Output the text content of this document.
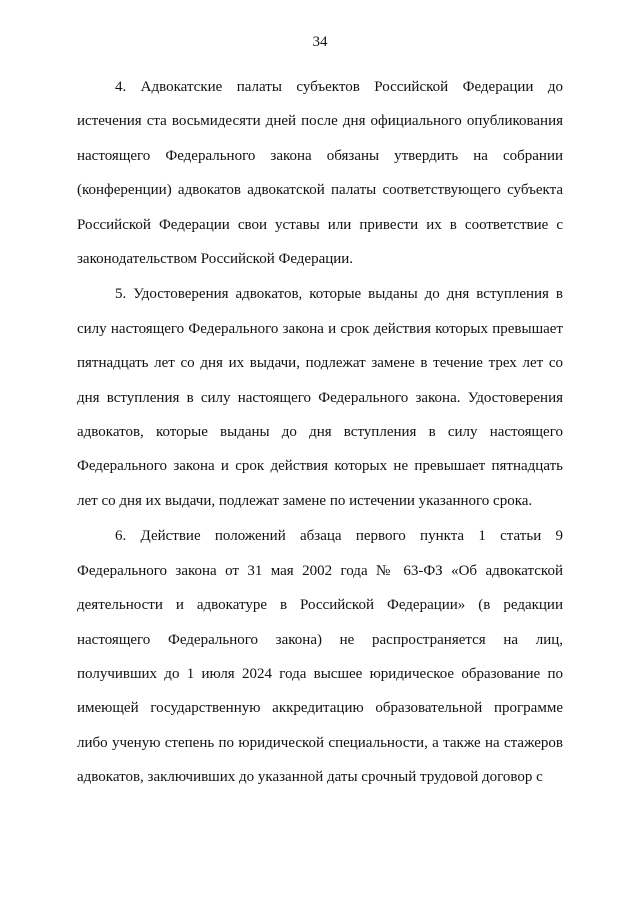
34

4. Адвокатские палаты субъектов Российской Федерации до истечения ста восьмидесяти дней после дня официального опубликования настоящего Федерального закона обязаны утвердить на собрании (конференции) адвокатов адвокатской палаты соответствующего субъекта Российской Федерации свои уставы или привести их в соответствие с законодательством Российской Федерации.

5. Удостоверения адвокатов, которые выданы до дня вступления в силу настоящего Федерального закона и срок действия которых превышает пятнадцать лет со дня их выдачи, подлежат замене в течение трех лет со дня вступления в силу настоящего Федерального закона. Удостоверения адвокатов, которые выданы до дня вступления в силу настоящего Федерального закона и срок действия которых не превышает пятнадцать лет со дня их выдачи, подлежат замене по истечении указанного срока.

6. Действие положений абзаца первого пункта 1 статьи 9 Федерального закона от 31 мая 2002 года № 63-ФЗ «Об адвокатской деятельности и адвокатуре в Российской Федерации» (в редакции настоящего Федерального закона) не распространяется на лиц, получивших до 1 июля 2024 года высшее юридическое образование по имеющей государственную аккредитацию образовательной программе либо ученую степень по юридической специальности, а также на стажеров адвокатов, заключивших до указанной даты срочный трудовой договор с
